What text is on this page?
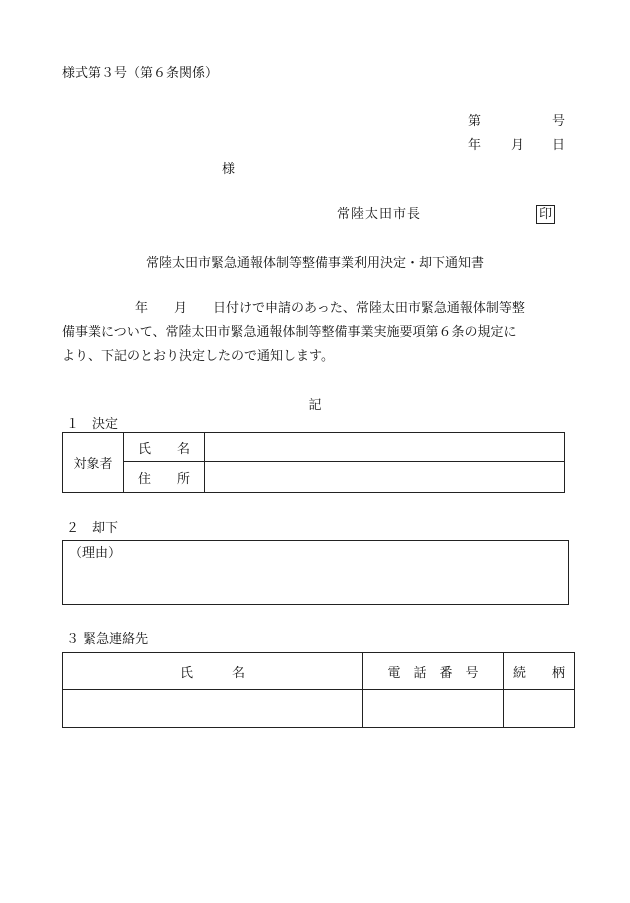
様式第３号（第６条関係）
第	号
年 月 日
様
常陸太田市長	印
常陸太田市緊急通報体制等整備事業利用決定・却下通知書
年　　月　　日付けで申請のあった、常陸太田市緊急通報体制等整
備事業について、常陸太田市緊急通報体制等整備事業実施要項第６条の規定に
より、下記のとおり決定したので通知します。
記
１　決定
対象者	氏　　名	
	住　　所	
２　却下
（理由）
３ 緊急連絡先
氏　　　名	電　話　番　号	続　　柄
